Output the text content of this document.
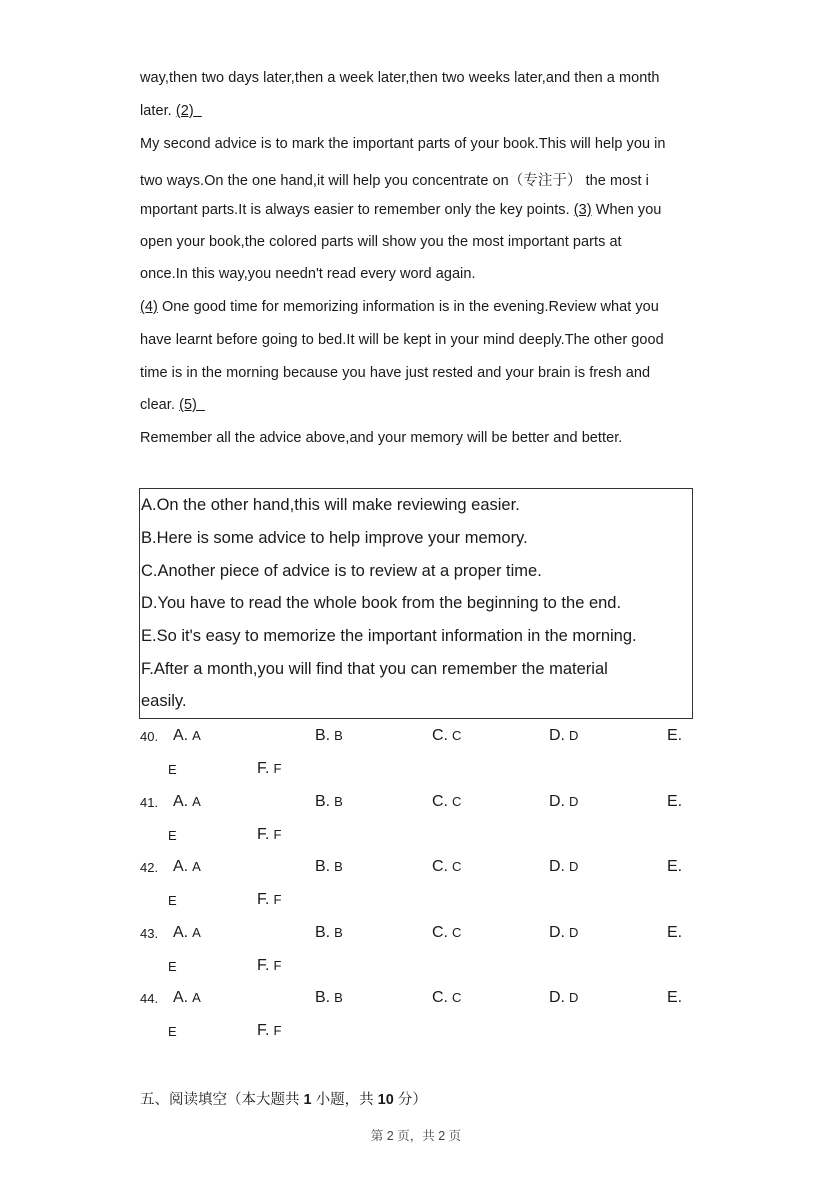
way,then two days later,then a week later,then two weeks later,and then a month
later. (2)
My second advice is to mark the important parts of your book.This will help you in
two ways.On the one hand,it will help you concentrate on（专注于） the most i
mportant parts.It is always easier to remember only the key points. (3) When you
open your book,the colored parts will show you the most important parts at
once.In this way,you needn't read every word again.
(4) One good time for memorizing information is in the evening.Review what you
have learnt before going to bed.It will be kept in your mind deeply.The other good
time is in the morning because you have just rested and your brain is fresh and
clear. (5)
Remember all the advice above,and your memory will be better and better.
A.On the other hand,this will make reviewing easier.
B.Here is some advice to help improve your memory.
C.Another piece of advice is to review at a proper time.
D.You have to read the whole book from the beginning to the end.
E.So it's easy to memorize the important information in the morning.
F.After a month,you will find that you can remember the material
easily.
40. A. A	B. B	C. C	D. D	E.
E	F. F
41. A. A	B. B	C. C	D. D	E.
E	F. F
42. A. A	B. B	C. C	D. D	E.
E	F. F
43. A. A	B. B	C. C	D. D	E.
E	F. F
44. A. A	B. B	C. C	D. D	E.
E	F. F
五、阅读填空（本大题共 1 小题，共 10 分）
第 2 页，共 2 页
